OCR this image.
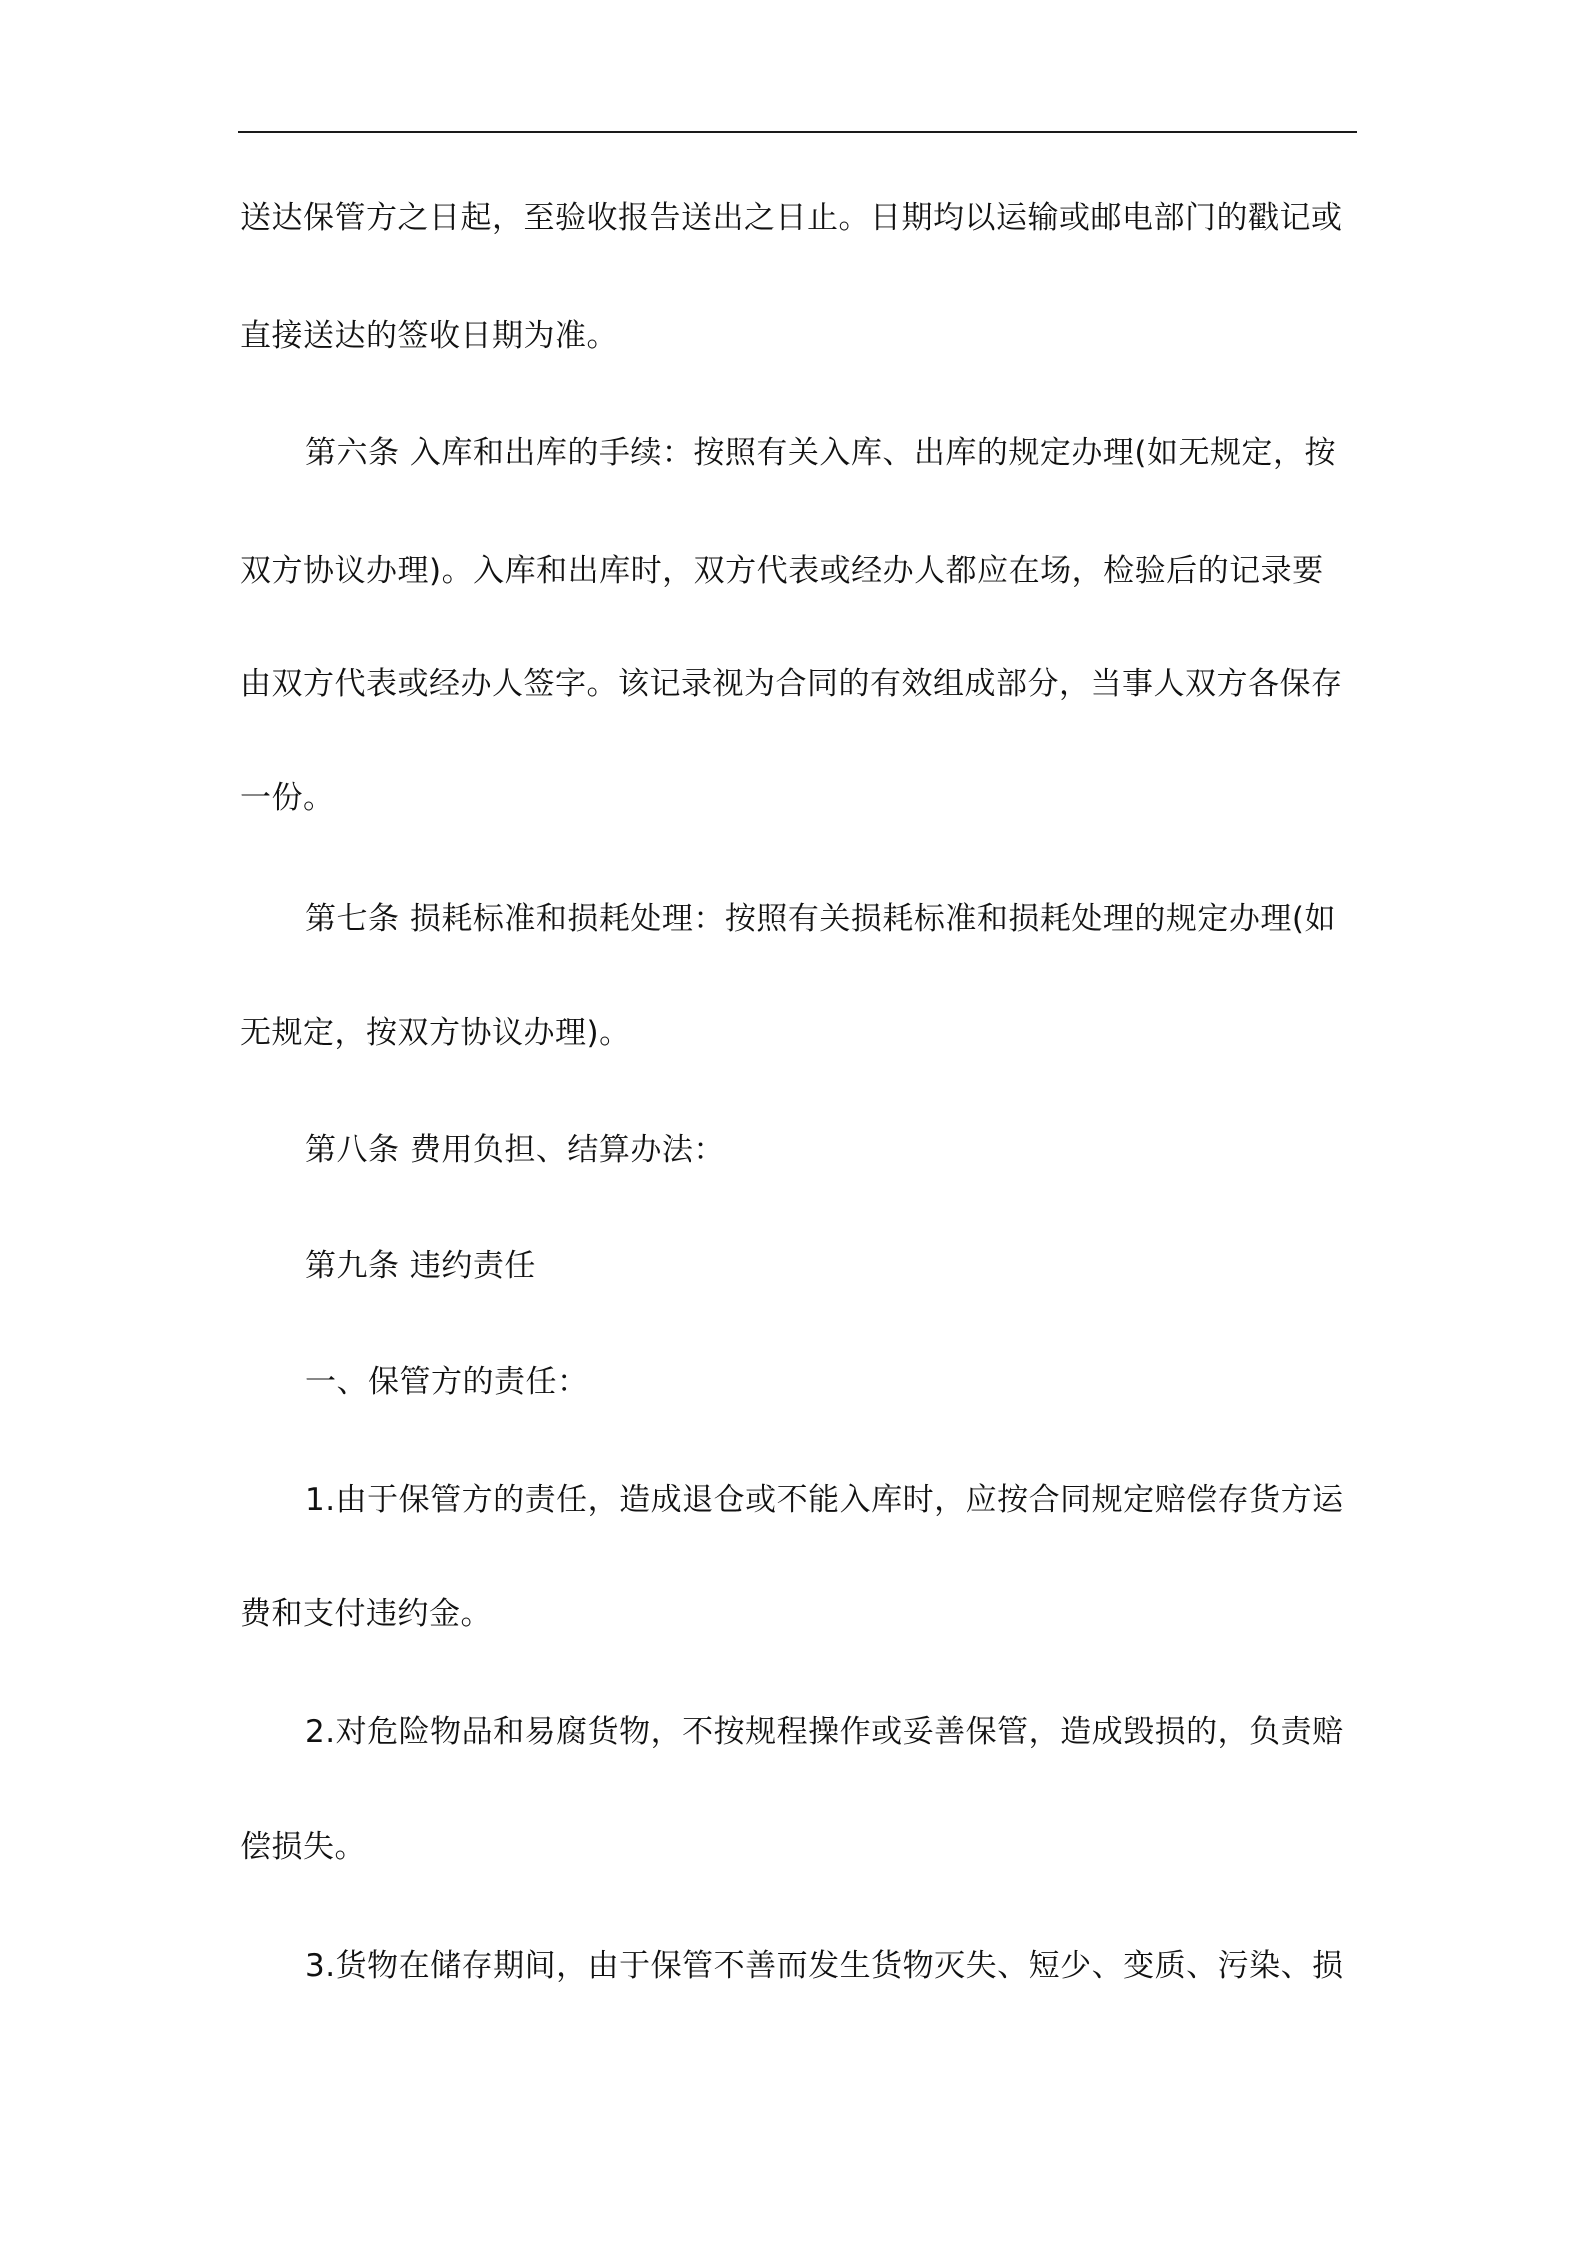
送达保管方之日起，至验收报告送出之日止。日期均以运输或邮电部门的戳记或
直接送达的签收日期为准。
第六条 入库和出库的手续：按照有关入库、出库的规定办理(如无规定，按
双方协议办理)。入库和出库时，双方代表或经办人都应在场，检验后的记录要
由双方代表或经办人签字。该记录视为合同的有效组成部分，当事人双方各保存
一份。
第七条 损耗标准和损耗处理：按照有关损耗标准和损耗处理的规定办理(如
无规定，按双方协议办理)。
第八条 费用负担、结算办法：
第九条 违约责任
一、保管方的责任：
1.由于保管方的责任，造成退仓或不能入库时，应按合同规定赔偿存货方运
费和支付违约金。
2.对危险物品和易腐货物，不按规程操作或妥善保管，造成毁损的，负责赔
偿损失。
3.货物在储存期间，由于保管不善而发生货物灭失、短少、变质、污染、损
